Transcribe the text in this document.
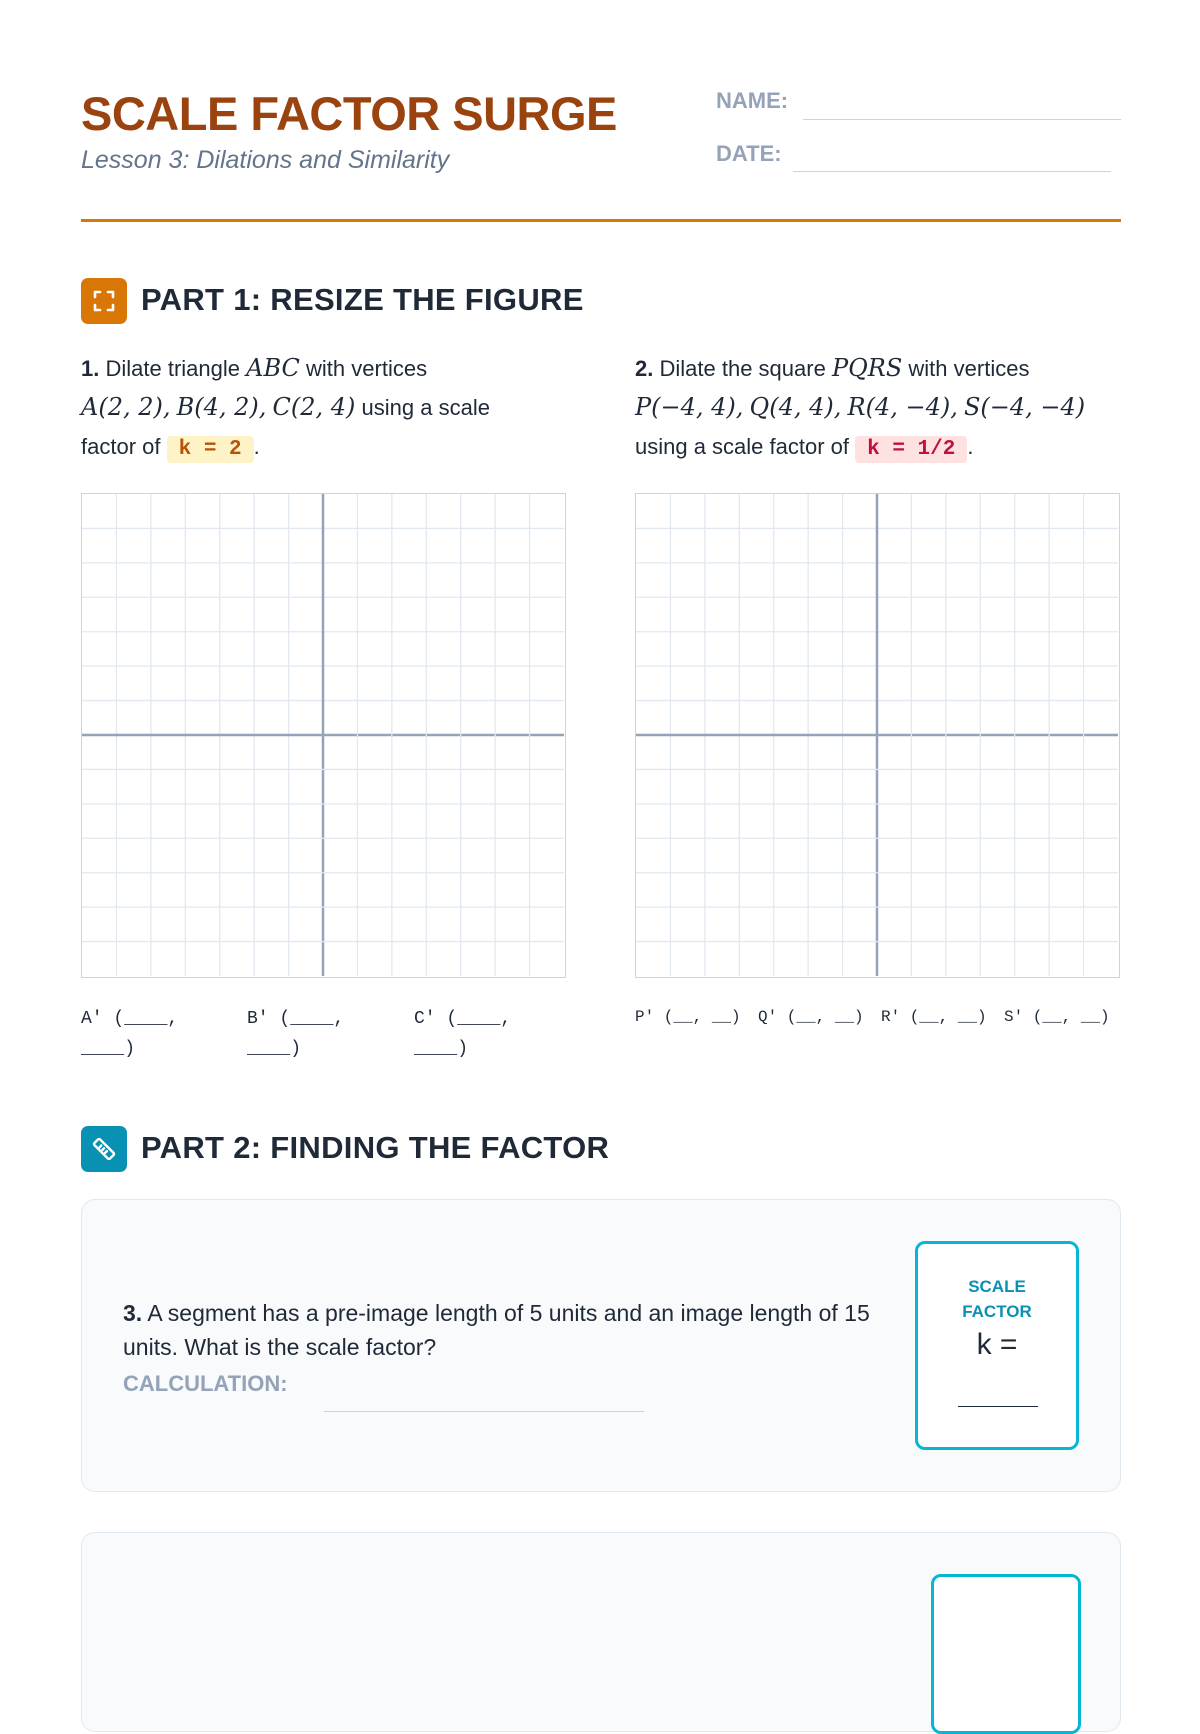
SCALE FACTOR SURGE
Lesson 3: Dilations and Similarity
NAME:
DATE:
PART 1: RESIZE THE FIGURE
1. Dilate triangle ABC with vertices
A(2, 2), B(4, 2), C(2, 4) using a scale
factor of k = 2 .
2. Dilate the square PQRS with vertices
P(−4, 4), Q(4, 4), R(4, −4), S(−4, −4)
using a scale factor of k = 1/2 .
A' (____, ____)
B' (____, ____)
C' (____, ____)
P' (__, __) Q' (__, __) R' (__, __) S' (__, __)
PART 2: FINDING THE FACTOR
3. A segment has a pre-image length of 5 units and an image length of 15 units. What is the scale factor?
CALCULATION:
SCALE
FACTOR
k =
